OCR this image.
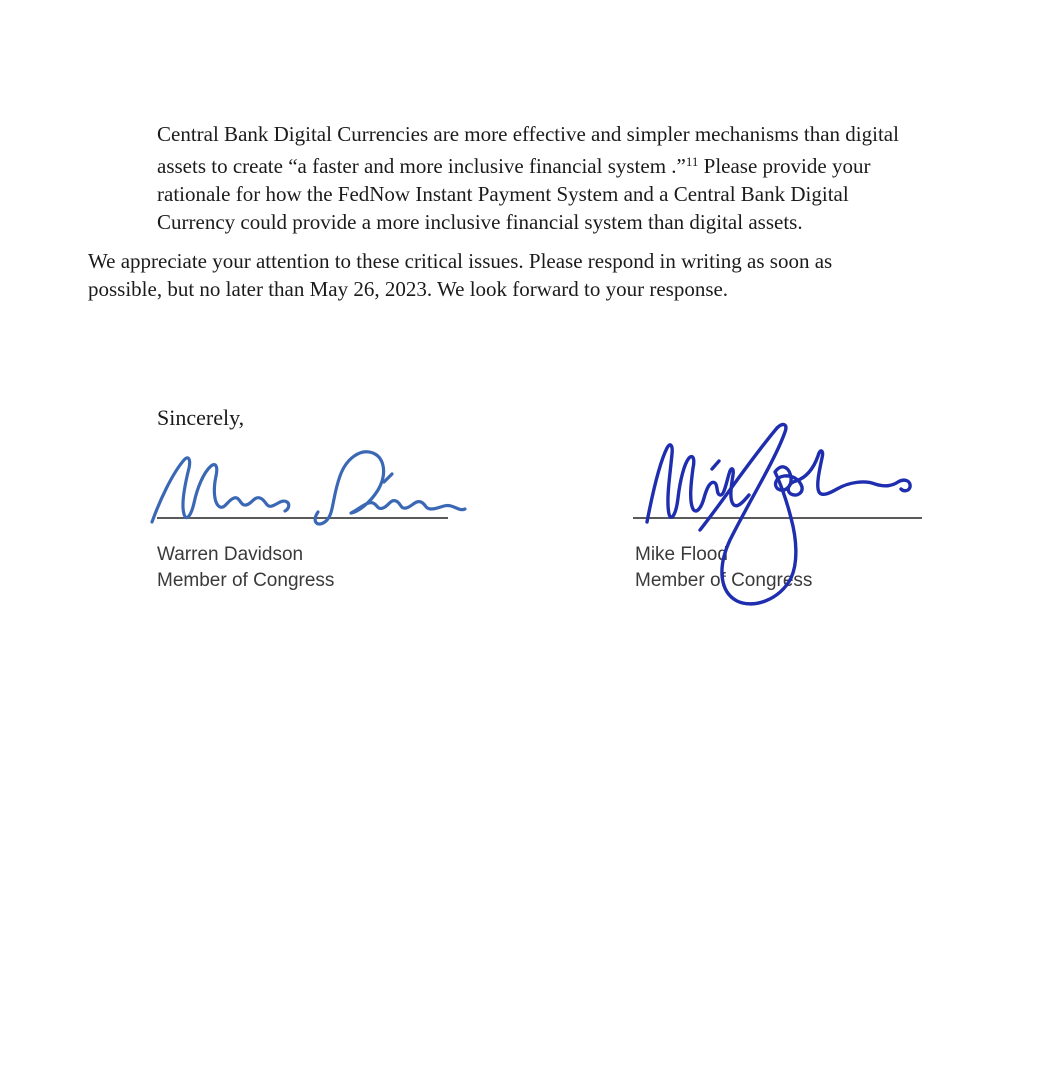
Central Bank Digital Currencies are more effective and simpler mechanisms than digital
assets to create “a faster and more inclusive financial system .”$^{11}$ Please provide your
rationale for how the FedNow Instant Payment System and a Central Bank Digital
Currency could provide a more inclusive financial system than digital assets.
We appreciate your attention to these critical issues. Please respond in writing as soon as
possible, but no later than May 26, 2023. We look forward to your response.
Sincerely,
Warren Davidson
Member of Congress
Mike Flood
Member of Congress
